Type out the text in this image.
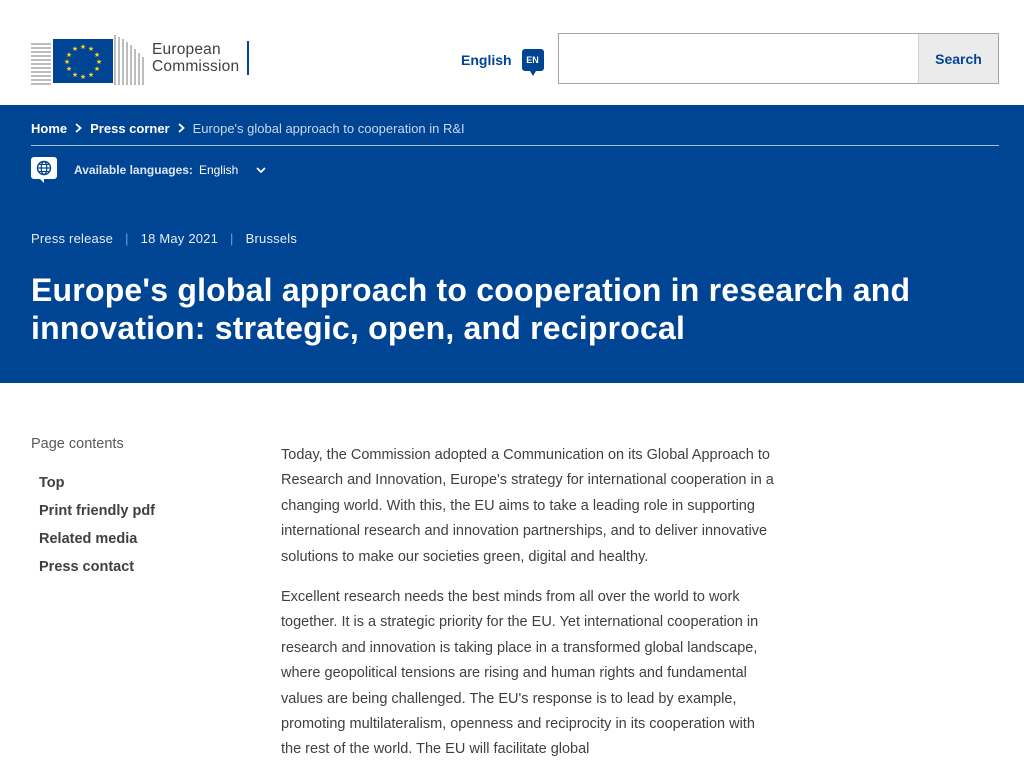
★ ★
★
★
★
★
★
★
★
★
★
★	European
Commission	English	EN	Search
Home Press corner Europe's global approach to cooperation in R&I
Available languages: English
Press release | 18 May 2021 | Brussels
Europe's global approach to cooperation in research and innovation: strategic, open, and reciprocal
Page contents
Top
Print friendly pdf
Related media
Press contact

Today, the Commission adopted a Communication on its Global Approach to Research and Innovation, Europe's strategy for international cooperation in a changing world. With this, the EU aims to take a leading role in supporting international research and innovation partnerships, and to deliver innovative solutions to make our societies green, digital and healthy.

Excellent research needs the best minds from all over the world to work together. It is a strategic priority for the EU. Yet international cooperation in research and innovation is taking place in a transformed global landscape, where geopolitical tensions are rising and human rights and fundamental values are being challenged. The EU's response is to lead by example, promoting multilateralism, openness and reciprocity in its cooperation with the rest of the world. The EU will facilitate global
